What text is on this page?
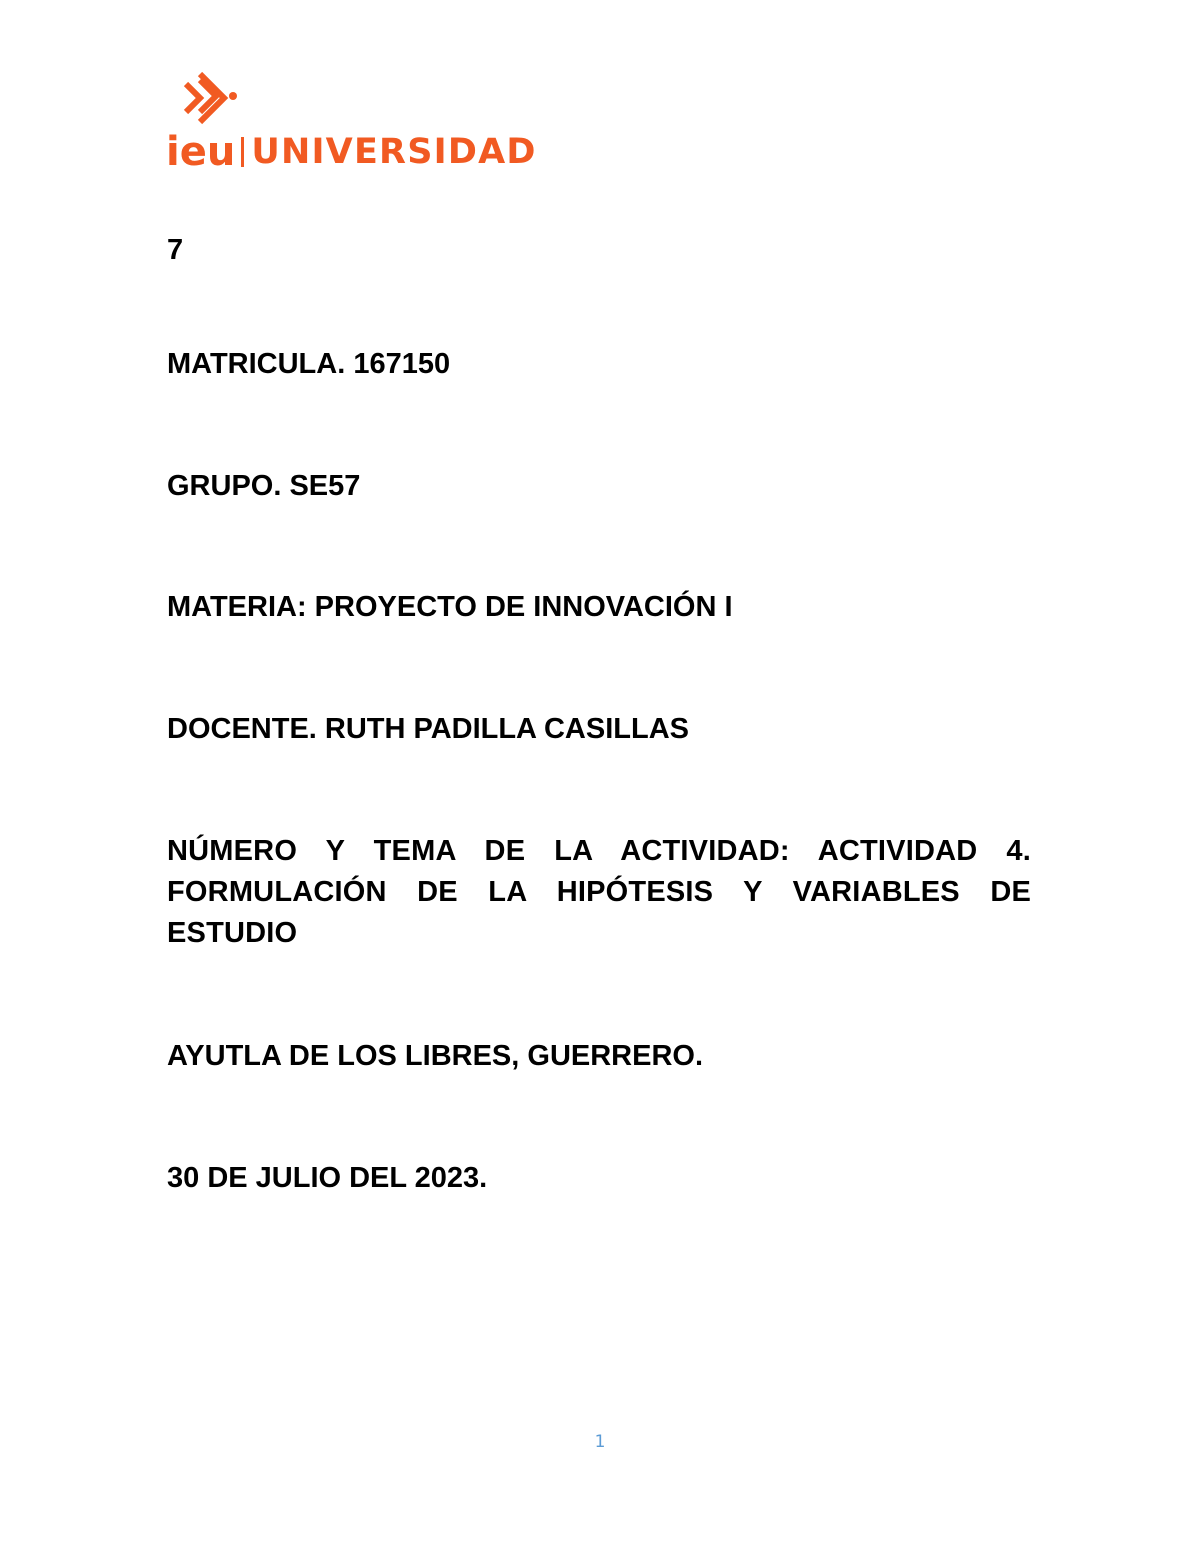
ieu UNIVERSIDAD

7

MATRICULA. 167150

GRUPO. SE57

MATERIA: PROYECTO DE INNOVACIÓN I

DOCENTE. RUTH PADILLA CASILLAS

NÚMERO Y TEMA DE LA ACTIVIDAD: ACTIVIDAD 4. FORMULACIÓN DE LA HIPÓTESIS Y VARIABLES DE ESTUDIO

AYUTLA DE LOS LIBRES, GUERRERO.

30 DE JULIO DEL 2023.

1
